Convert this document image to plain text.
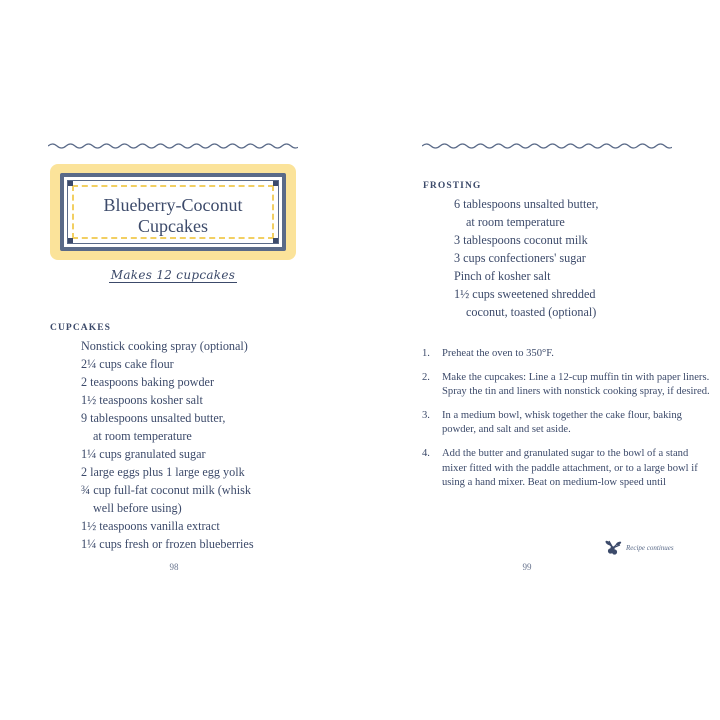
Blueberry-Coconut
Cupcakes
Makes 12 cupcakes
CUPCAKES
Nonstick cooking spray (optional)
2¼ cups cake flour
2 teaspoons baking powder
1½ teaspoons kosher salt
9 tablespoons unsalted butter,
at room temperature
1¼ cups granulated sugar
2 large eggs plus 1 large egg yolk
¾ cup full-fat coconut milk (whisk
well before using)
1½ teaspoons vanilla extract
1¼ cups fresh or frozen blueberries
98
FROSTING
6 tablespoons unsalted butter,
at room temperature
3 tablespoons coconut milk
3 cups confectioners' sugar
Pinch of kosher salt
1½ cups sweetened shredded
coconut, toasted (optional)
1.	Preheat the oven to 350°F.
2.	Make the cupcakes: Line a 12-cup muffin tin with paper liners. Spray the tin and liners with nonstick cooking spray, if desired.
3.	In a medium bowl, whisk together the cake flour, baking powder, and salt and set aside.
4.	Add the butter and granulated sugar to the bowl of a stand mixer fitted with the paddle attachment, or to a large bowl if using a hand mixer. Beat on medium-low speed until
Recipe continues
99
